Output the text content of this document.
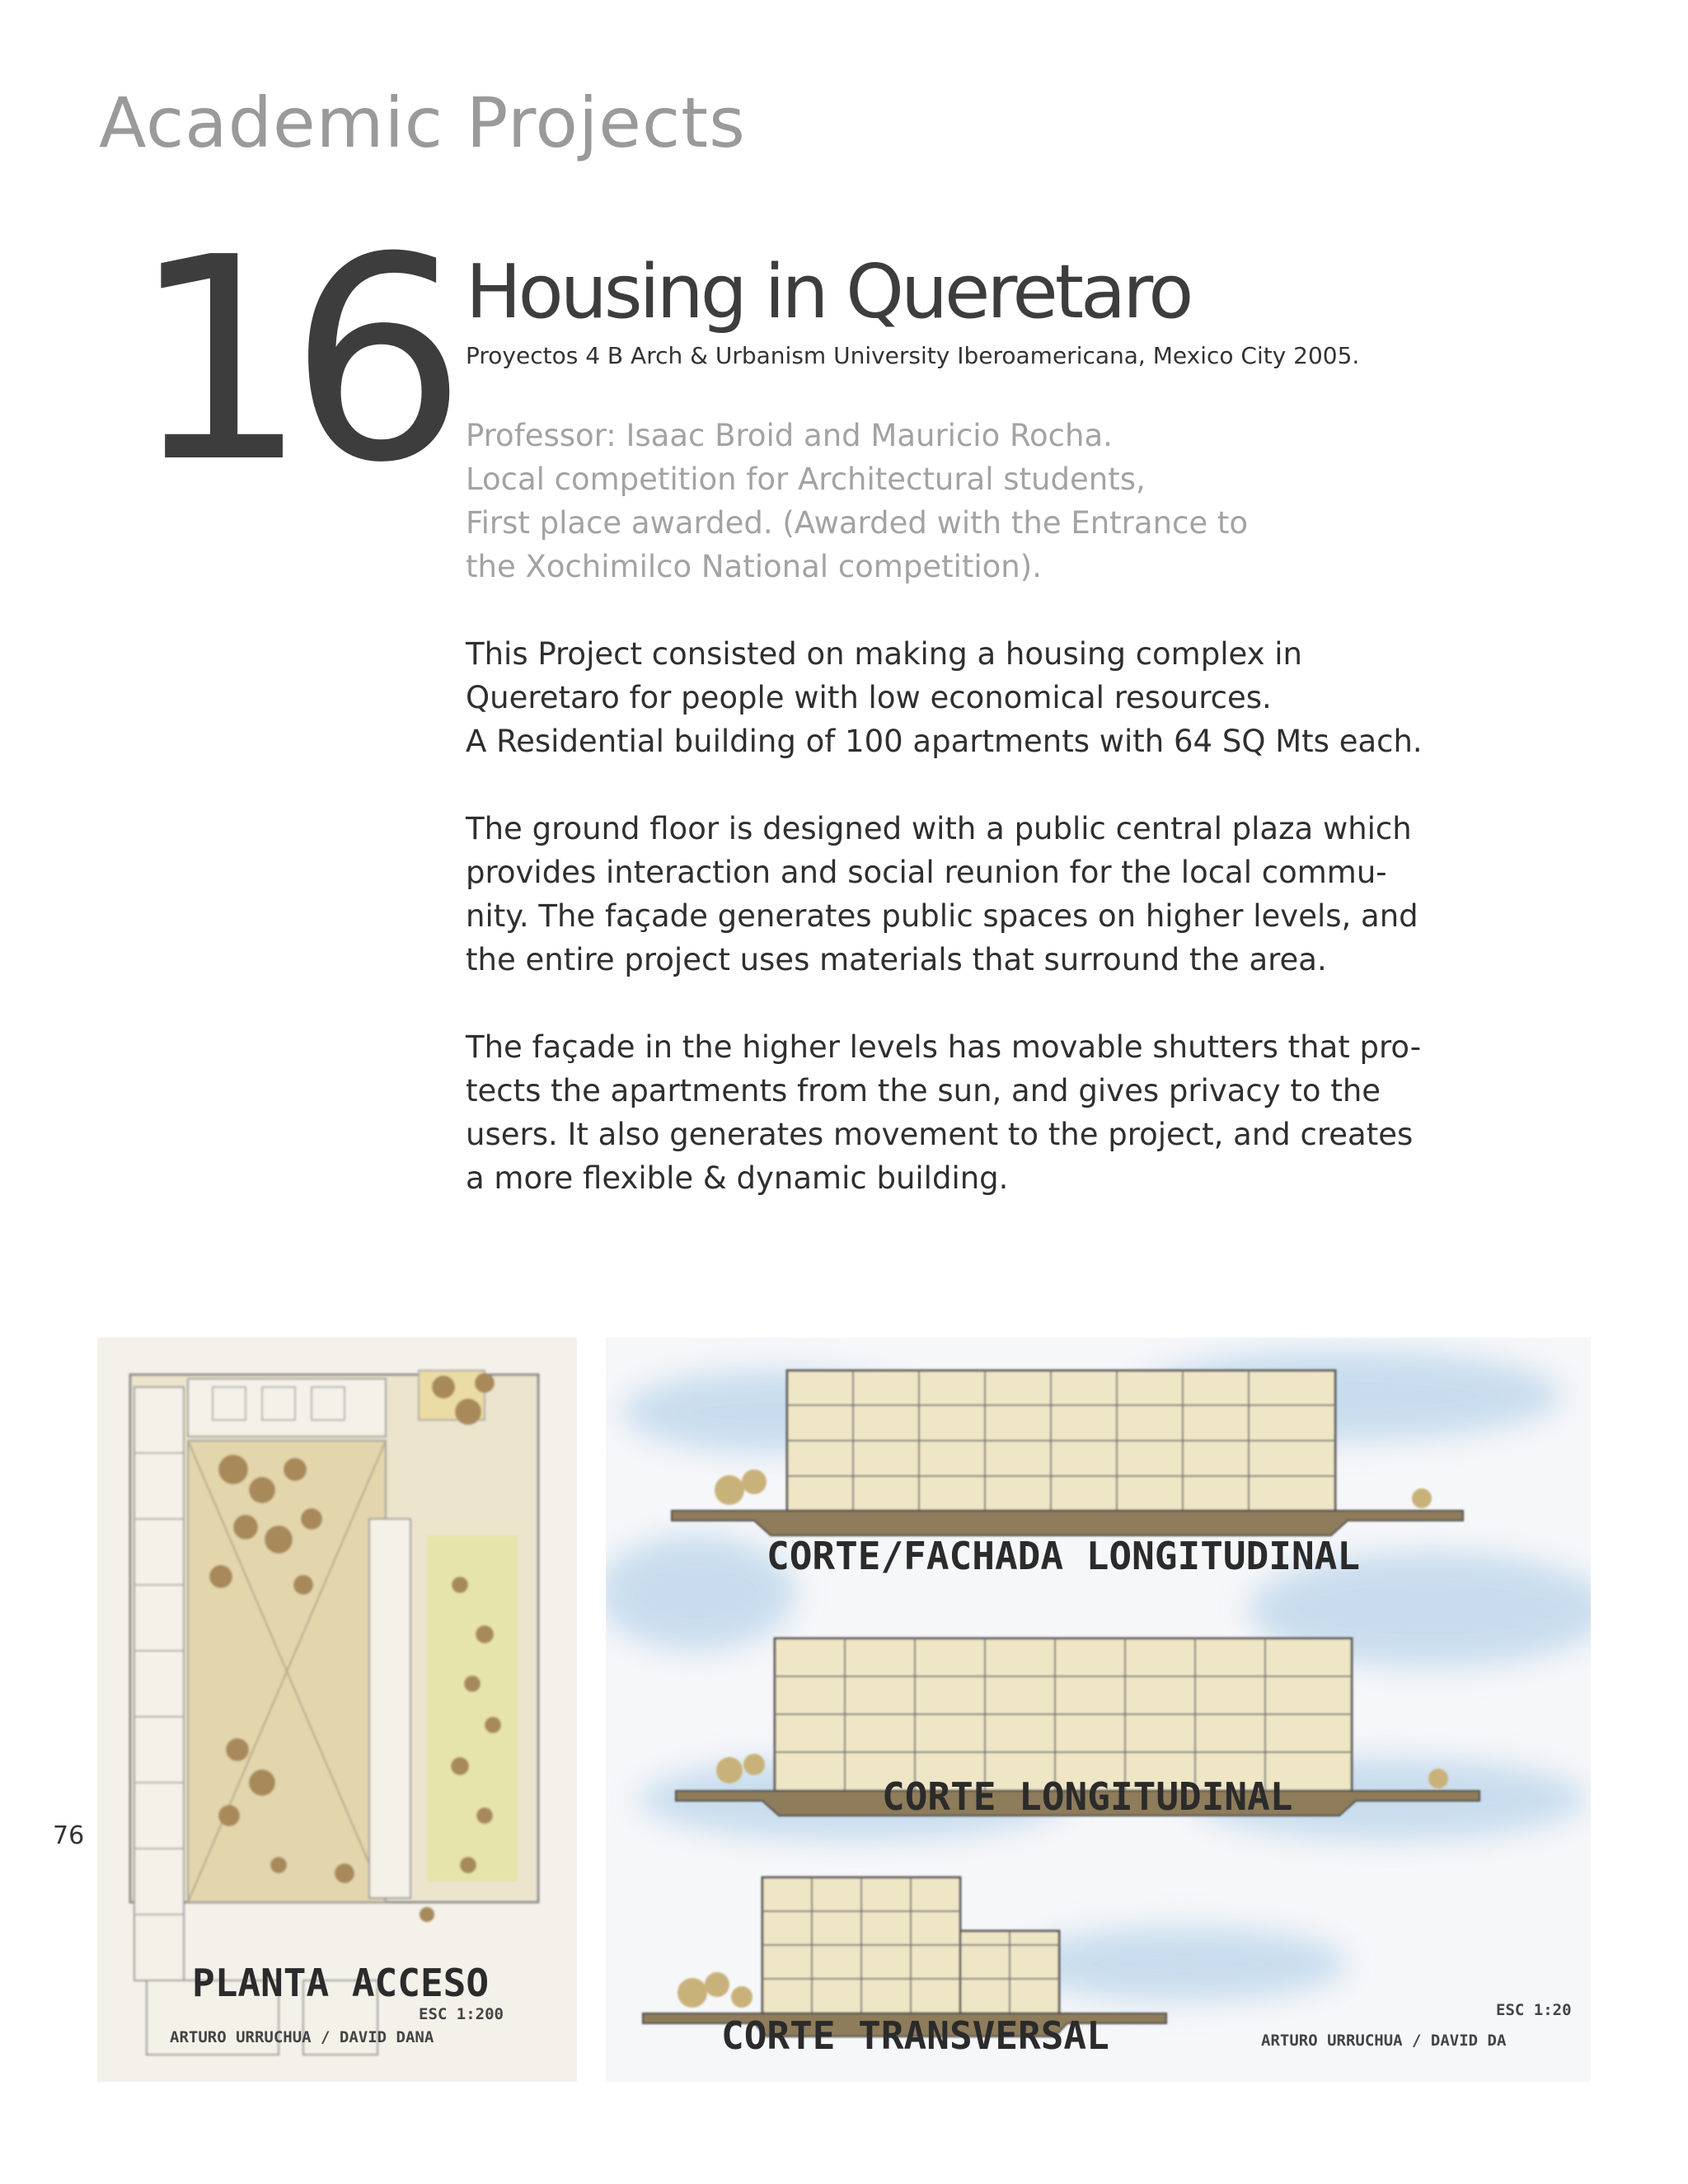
Academic Projects
16 Housing in Queretaro

Proyectos 4 B Arch & Urbanism University Iberoamericana, Mexico City 2005.

Professor: Isaac Broid and Mauricio Rocha.

Local competition for Architectural students,

First place awarded. (Awarded with the Entrance to

the Xochimilco National competition).

This Project consisted on making a housing complex in

Queretaro for people with low economical resources.

A Residential building of 100 apartments with 64 SQ Mts each.

The ground floor is designed with a public central plaza which

provides interaction and social reunion for the local commu-

nity. The façade generates public spaces on higher levels, and

the entire project uses materials that surround the area.

The façade in the higher levels has movable shutters that pro-

tects the apartments from the sun, and gives privacy to the

users. It also generates movement to the project, and creates

a more flexible & dynamic building.

PLANTA ACCESO
ESC 1:200
ARTURO URRUCHUA / DAVID DANA
CORTE/FACHADA LONGITUDINAL
CORTE LONGITUDINAL
CORTE TRANSVERSAL
ESC 1:20
ARTURO URRUCHUA / DAVID DA
76
